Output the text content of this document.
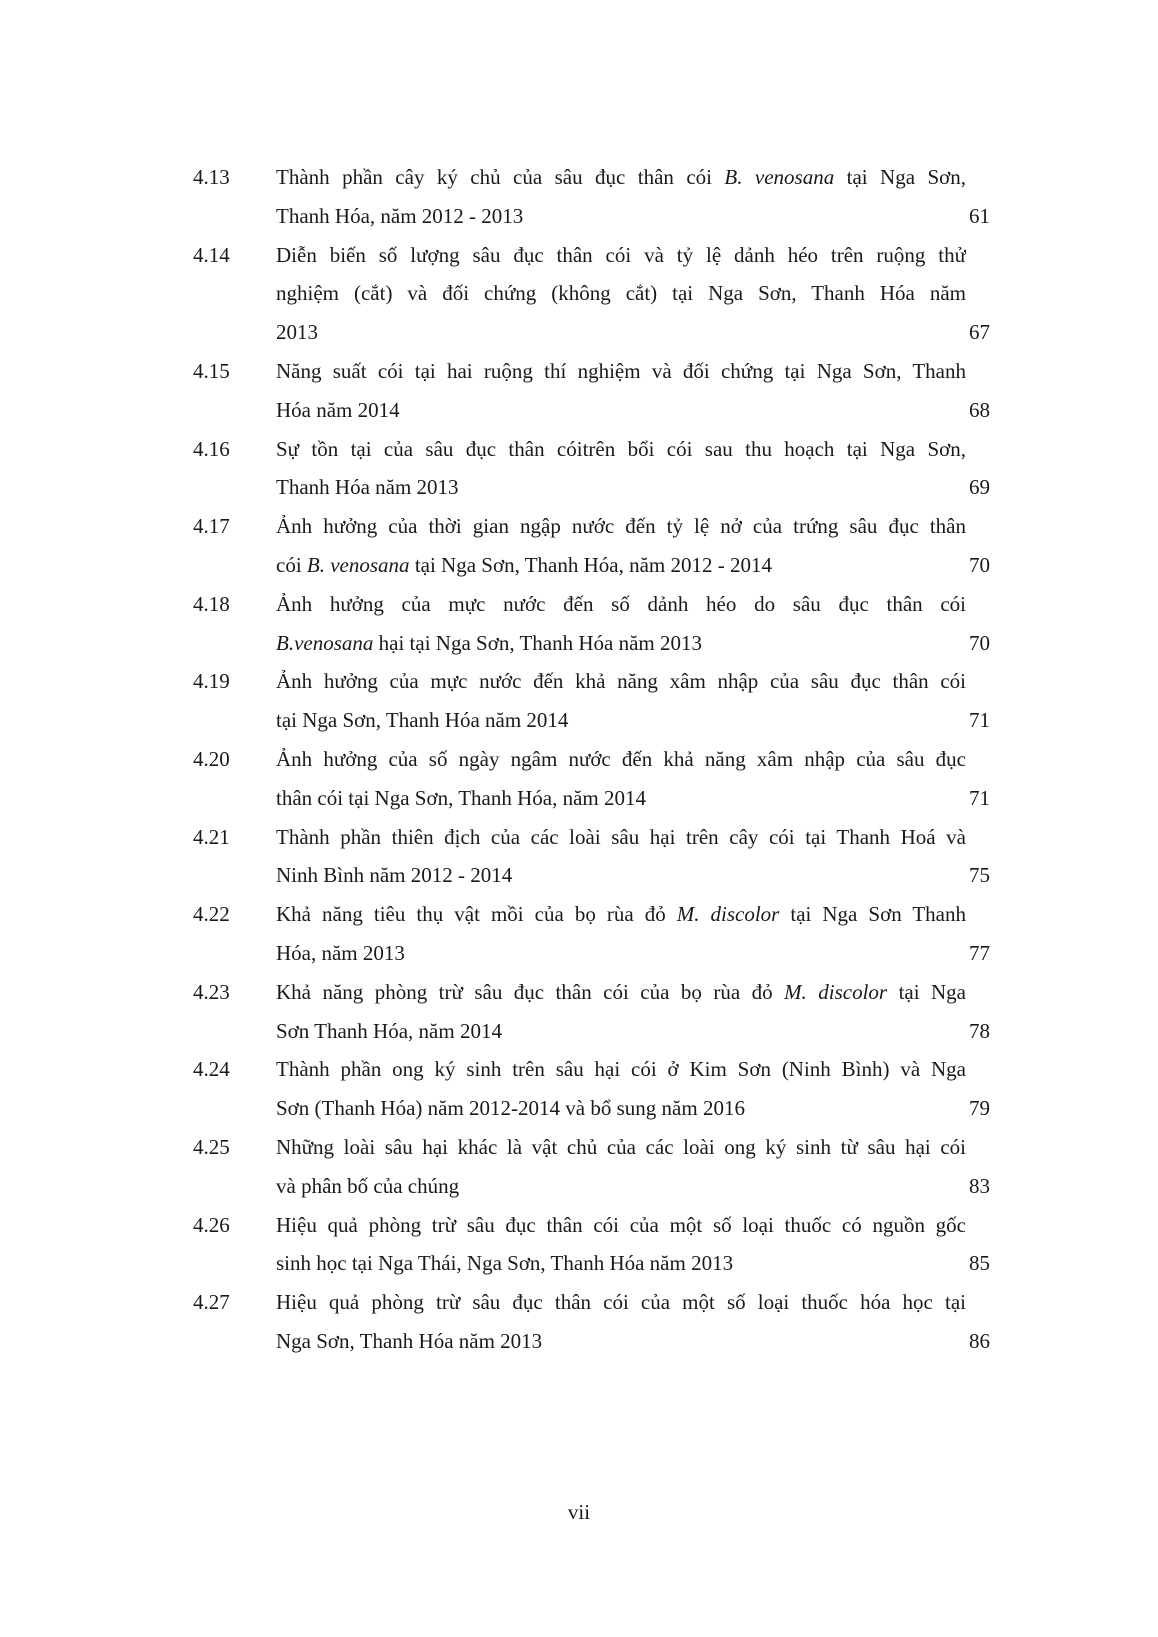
4.13 Thành phần cây ký chủ của sâu đục thân cói B. venosana tại Nga Sơn,
Thanh Hóa, năm 2012 - 2013	61
4.14 Diễn biến số lượng sâu đục thân cói và tỷ lệ dảnh héo trên ruộng thử
nghiệm (cắt) và đối chứng (không cắt) tại Nga Sơn, Thanh Hóa năm
2013	67
4.15 Năng suất cói tại hai ruộng thí nghiệm và đối chứng tại Nga Sơn, Thanh
Hóa năm 2014	68
4.16 Sự tồn tại của sâu đục thân cóitrên bổi cói sau thu hoạch tại Nga Sơn,
Thanh Hóa năm 2013	69
4.17 Ảnh hưởng của thời gian ngập nước đến tỷ lệ nở của trứng sâu đục thân
cói B. venosana tại Nga Sơn, Thanh Hóa, năm 2012 - 2014	70
4.18 Ảnh hưởng của mực nước đến số dảnh héo do sâu đục thân cói
B.venosana hại tại Nga Sơn, Thanh Hóa năm 2013	70
4.19 Ảnh hưởng của mực nước đến khả năng xâm nhập của sâu đục thân cói
tại Nga Sơn, Thanh Hóa năm 2014	71
4.20 Ảnh hưởng của số ngày ngâm nước đến khả năng xâm nhập của sâu đục
thân cói tại Nga Sơn, Thanh Hóa, năm 2014	71
4.21 Thành phần thiên địch của các loài sâu hại trên cây cói tại Thanh Hoá và
Ninh Bình năm 2012 - 2014	75
4.22 Khả năng tiêu thụ vật mồi của bọ rùa đỏ M. discolor tại Nga Sơn Thanh
Hóa, năm 2013	77
4.23 Khả năng phòng trừ sâu đục thân cói của bọ rùa đỏ M. discolor tại Nga
Sơn Thanh Hóa, năm 2014	78
4.24 Thành phần ong ký sinh trên sâu hại cói ở Kim Sơn (Ninh Bình) và Nga
Sơn (Thanh Hóa) năm 2012-2014 và bổ sung năm 2016	79
4.25 Những loài sâu hại khác là vật chủ của các loài ong ký sinh từ sâu hại cói
và phân bố của chúng	83
4.26 Hiệu quả phòng trừ sâu đục thân cói của một số loại thuốc có nguồn gốc
sinh học tại Nga Thái, Nga Sơn, Thanh Hóa năm 2013	85
4.27 Hiệu quả phòng trừ sâu đục thân cói của một số loại thuốc hóa học tại
Nga Sơn, Thanh Hóa năm 2013	86
vii
